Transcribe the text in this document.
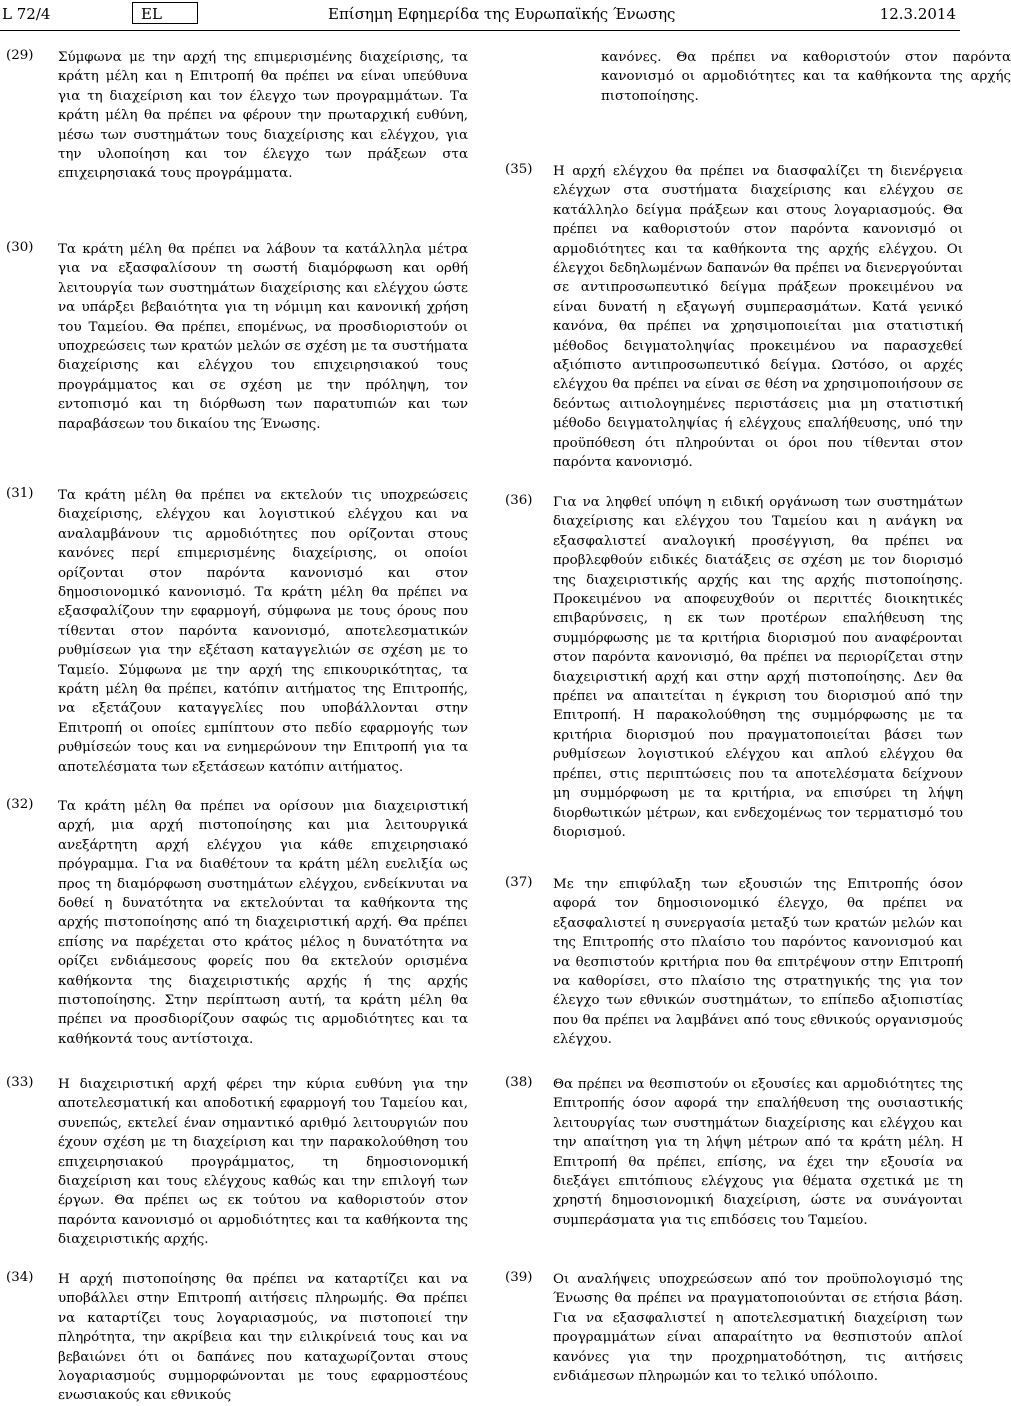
L 72/4	EL	Επίσημη Εφημερίδα της Ευρωπαϊκής Ένωσης	12.3.2014
(29) Σύμφωνα με την αρχή της επιμερισμένης διαχείρισης, τα κράτη μέλη και η Επιτροπή θα πρέπει να είναι υπεύθυνα για τη διαχείριση και τον έλεγχο των προγραμμάτων. Τα κράτη μέλη θα πρέπει να φέρουν την πρωταρχική ευθύνη, μέσω των συστημάτων τους διαχείρισης και ελέγχου, για την υλοποίηση και τον έλεγχο των πράξεων στα επιχειρησιακά τους προγράμματα.
(30) Τα κράτη μέλη θα πρέπει να λάβουν τα κατάλληλα μέτρα για να εξασφαλίσουν τη σωστή διαμόρφωση και ορθή λειτουργία των συστημάτων διαχείρισης και ελέγχου ώστε να υπάρξει βεβαιότητα για τη νόμιμη και κανονική χρήση του Ταμείου. Θα πρέπει, επομένως, να προσδιοριστούν οι υποχρεώσεις των κρατών μελών σε σχέση με τα συστήματα διαχείρισης και ελέγχου του επιχειρησιακού τους προγράμματος και σε σχέση με την πρόληψη, τον εντοπισμό και τη διόρθωση των παρατυπιών και των παραβάσεων του δικαίου της Ένωσης.
(31) Τα κράτη μέλη θα πρέπει να εκτελούν τις υποχρεώσεις διαχείρισης, ελέγχου και λογιστικού ελέγχου και να αναλαμβάνουν τις αρμοδιότητες που ορίζονται στους κανόνες περί επιμερισμένης διαχείρισης, οι οποίοι ορίζονται στον παρόντα κανονισμό και στον δημοσιονομικό κανονισμό. Τα κράτη μέλη θα πρέπει να εξασφαλίζουν την εφαρμογή, σύμφωνα με τους όρους που τίθενται στον παρόντα κανονισμό, αποτελεσματικών ρυθμίσεων για την εξέταση καταγγελιών σε σχέση με το Ταμείο. Σύμφωνα με την αρχή της επικουρικότητας, τα κράτη μέλη θα πρέπει, κατόπιν αιτήματος της Επιτροπής, να εξετάζουν καταγγελίες που υποβάλλονται στην Επιτροπή οι οποίες εμπίπτουν στο πεδίο εφαρμογής των ρυθμίσεών τους και να ενημερώνουν την Επιτροπή για τα αποτελέσματα των εξετάσεων κατόπιν αιτήματος.
(32) Τα κράτη μέλη θα πρέπει να ορίσουν μια διαχειριστική αρχή, μια αρχή πιστοποίησης και μια λειτουργικά ανεξάρτητη αρχή ελέγχου για κάθε επιχειρησιακό πρόγραμμα. Για να διαθέτουν τα κράτη μέλη ευελιξία ως προς τη διαμόρφωση συστημάτων ελέγχου, ενδείκνυται να δοθεί η δυνατότητα να εκτελούνται τα καθήκοντα της αρχής πιστοποίησης από τη διαχειριστική αρχή. Θα πρέπει επίσης να παρέχεται στο κράτος μέλος η δυνατότητα να ορίζει ενδιάμεσους φορείς που θα εκτελούν ορισμένα καθήκοντα της διαχειριστικής αρχής ή της αρχής πιστοποίησης. Στην περίπτωση αυτή, τα κράτη μέλη θα πρέπει να προσδιορίζουν σαφώς τις αρμοδιότητες και τα καθήκοντά τους αντίστοιχα.
(33) Η διαχειριστική αρχή φέρει την κύρια ευθύνη για την αποτελεσματική και αποδοτική εφαρμογή του Ταμείου και, συνεπώς, εκτελεί έναν σημαντικό αριθμό λειτουργιών που έχουν σχέση με τη διαχείριση και την παρακολούθηση του επιχειρησιακού προγράμματος, τη δημοσιονομική διαχείριση και τους ελέγχους καθώς και την επιλογή των έργων. Θα πρέπει ως εκ τούτου να καθοριστούν στον παρόντα κανονισμό οι αρμοδιότητες και τα καθήκοντα της διαχειριστικής αρχής.
(34) Η αρχή πιστοποίησης θα πρέπει να καταρτίζει και να υποβάλλει στην Επιτροπή αιτήσεις πληρωμής. Θα πρέπει να καταρτίζει τους λογαριασμούς, να πιστοποιεί την πληρότητα, την ακρίβεια και την ειλικρίνειά τους και να βεβαιώνει ότι οι δαπάνες που καταχωρίζονται στους λογαριασμούς συμμορφώνονται με τους εφαρμοστέους ενωσιακούς και εθνικούς
κανόνες. Θα πρέπει να καθοριστούν στον παρόντα κανονισμό οι αρμοδιότητες και τα καθήκοντα της αρχής πιστοποίησης.
(35) Η αρχή ελέγχου θα πρέπει να διασφαλίζει τη διενέργεια ελέγχων στα συστήματα διαχείρισης και ελέγχου σε κατάλληλο δείγμα πράξεων και στους λογαριασμούς. Θα πρέπει να καθοριστούν στον παρόντα κανονισμό οι αρμοδιότητες και τα καθήκοντα της αρχής ελέγχου. Οι έλεγχοι δεδηλωμένων δαπανών θα πρέπει να διενεργούνται σε αντιπροσωπευτικό δείγμα πράξεων προκειμένου να είναι δυνατή η εξαγωγή συμπερασμάτων. Κατά γενικό κανόνα, θα πρέπει να χρησιμοποιείται μια στατιστική μέθοδος δειγματοληψίας προκειμένου να παρασχεθεί αξιόπιστο αντιπροσωπευτικό δείγμα. Ωστόσο, οι αρχές ελέγχου θα πρέπει να είναι σε θέση να χρησιμοποιήσουν σε δεόντως αιτιολογημένες περιστάσεις μια μη στατιστική μέθοδο δειγματοληψίας ή ελέγχους επαλήθευσης, υπό την προϋπόθεση ότι πληρούνται οι όροι που τίθενται στον παρόντα κανονισμό.
(36) Για να ληφθεί υπόψη η ειδική οργάνωση των συστημάτων διαχείρισης και ελέγχου του Ταμείου και η ανάγκη να εξασφαλιστεί αναλογική προσέγγιση, θα πρέπει να προβλεφθούν ειδικές διατάξεις σε σχέση με τον διορισμό της διαχειριστικής αρχής και της αρχής πιστοποίησης. Προκειμένου να αποφευχθούν οι περιττές διοικητικές επιβαρύνσεις, η εκ των προτέρων επαλήθευση της συμμόρφωσης με τα κριτήρια διορισμού που αναφέρονται στον παρόντα κανονισμό, θα πρέπει να περιορίζεται στην διαχειριστική αρχή και στην αρχή πιστοποίησης. Δεν θα πρέπει να απαιτείται η έγκριση του διορισμού από την Επιτροπή. Η παρακολούθηση της συμμόρφωσης με τα κριτήρια διορισμού που πραγματοποιείται βάσει των ρυθμίσεων λογιστικού ελέγχου και απλού ελέγχου θα πρέπει, στις περιπτώσεις που τα αποτελέσματα δείχνουν μη συμμόρφωση με τα κριτήρια, να επισύρει τη λήψη διορθωτικών μέτρων, και ενδεχομένως τον τερματισμό του διορισμού.
(37) Με την επιφύλαξη των εξουσιών της Επιτροπής όσον αφορά τον δημοσιονομικό έλεγχο, θα πρέπει να εξασφαλιστεί η συνεργασία μεταξύ των κρατών μελών και της Επιτροπής στο πλαίσιο του παρόντος κανονισμού και να θεσπιστούν κριτήρια που θα επιτρέψουν στην Επιτροπή να καθορίσει, στο πλαίσιο της στρατηγικής της για τον έλεγχο των εθνικών συστημάτων, το επίπεδο αξιοπιστίας που θα πρέπει να λαμβάνει από τους εθνικούς οργανισμούς ελέγχου.
(38) Θα πρέπει να θεσπιστούν οι εξουσίες και αρμοδιότητες της Επιτροπής όσον αφορά την επαλήθευση της ουσιαστικής λειτουργίας των συστημάτων διαχείρισης και ελέγχου και την απαίτηση για τη λήψη μέτρων από τα κράτη μέλη. Η Επιτροπή θα πρέπει, επίσης, να έχει την εξουσία να διεξάγει επιτόπιους ελέγχους για θέματα σχετικά με τη χρηστή δημοσιονομική διαχείριση, ώστε να συνάγονται συμπεράσματα για τις επιδόσεις του Ταμείου.
(39) Οι αναλήψεις υποχρεώσεων από τον προϋπολογισμό της Ένωσης θα πρέπει να πραγματοποιούνται σε ετήσια βάση. Για να εξασφαλιστεί η αποτελεσματική διαχείριση των προγραμμάτων είναι απαραίτητο να θεσπιστούν απλοί κανόνες για την προχρηματοδότηση, τις αιτήσεις ενδιάμεσων πληρωμών και το τελικό υπόλοιπο.
